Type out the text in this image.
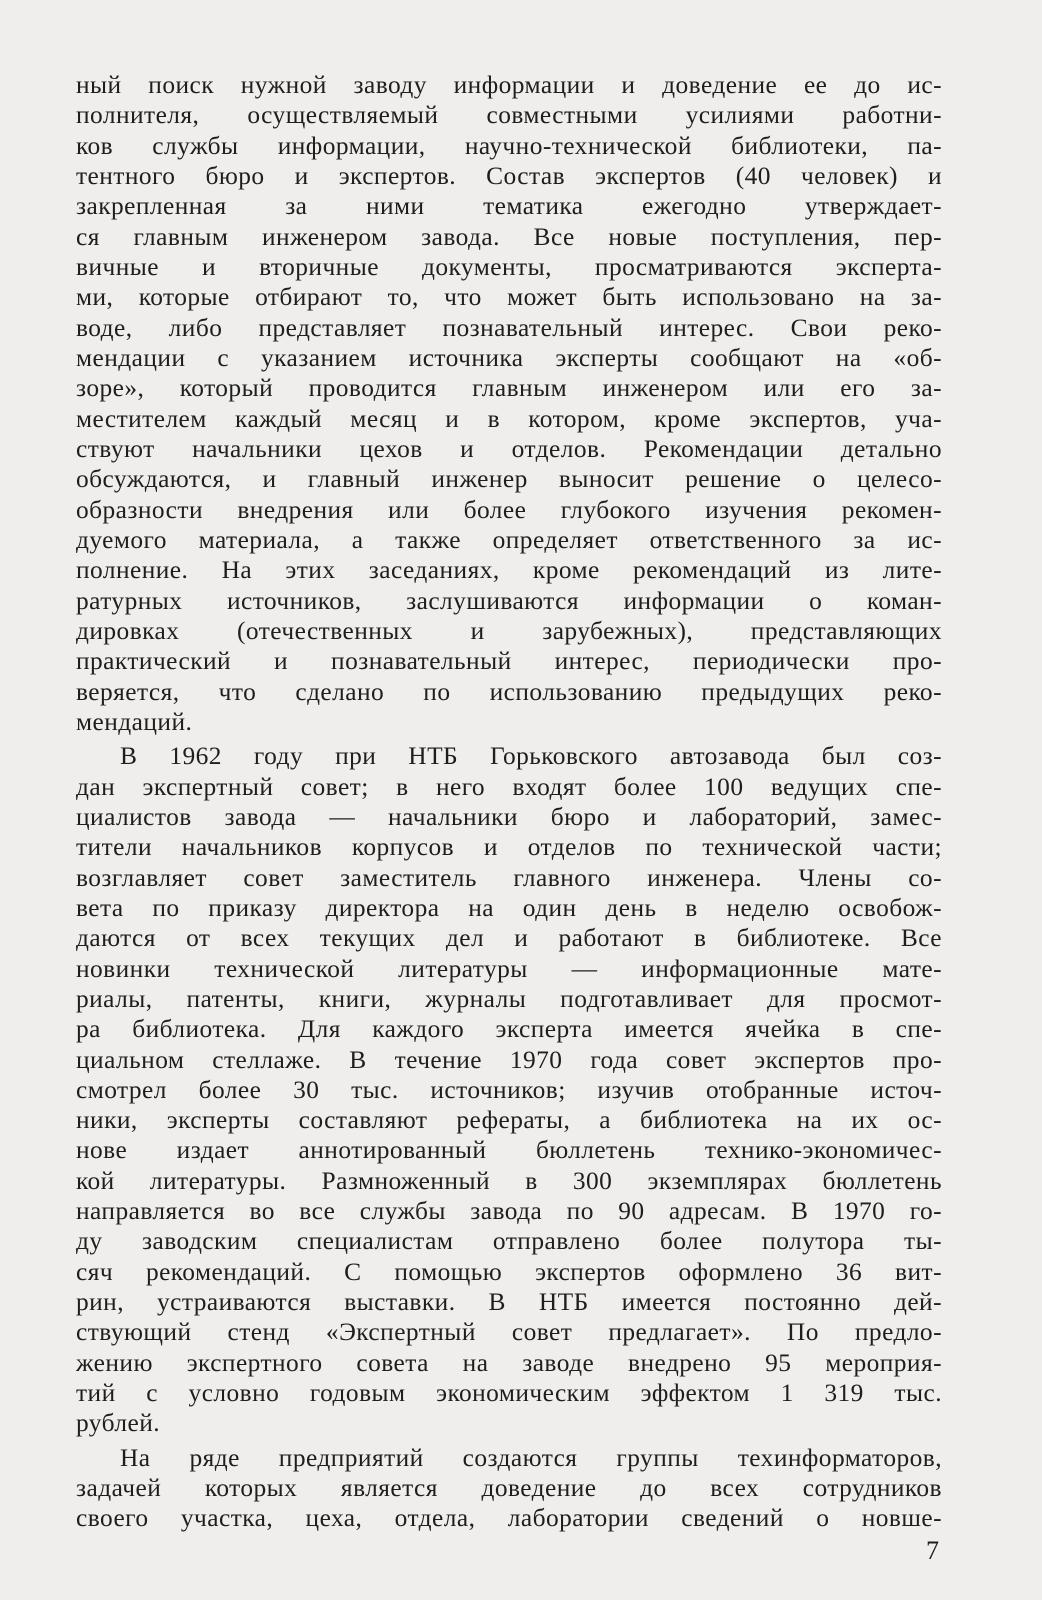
ный поиск нужной заводу информации и доведение ее до ис-
полнителя, осуществляемый совместными усилиями работни-
ков службы информации, научно-технической библиотеки, па-
тентного бюро и экспертов. Состав экспертов (40 человек) и
закрепленная за ними тематика ежегодно утверждает-
ся главным инженером завода. Все новые поступления, пер-
вичные и вторичные документы, просматриваются эксперта-
ми, которые отбирают то, что может быть использовано на за-
воде, либо представляет познавательный интерес. Свои реко-
мендации с указанием источника эксперты сообщают на «об-
зоре», который проводится главным инженером или его за-
местителем каждый месяц и в котором, кроме экспертов, уча-
ствуют начальники цехов и отделов. Рекомендации детально
обсуждаются, и главный инженер выносит решение о целесо-
образности внедрения или более глубокого изучения рекомен-
дуемого материала, а также определяет ответственного за ис-
полнение. На этих заседаниях, кроме рекомендаций из лите-
ратурных источников, заслушиваются информации о коман-
дировках (отечественных и зарубежных), представляющих
практический и познавательный интерес, периодически про-
веряется, что сделано по использованию предыдущих реко-
мендаций.
В 1962 году при НТБ Горьковского автозавода был соз-
дан экспертный совет; в него входят более 100 ведущих спе-
циалистов завода — начальники бюро и лабораторий, замес-
тители начальников корпусов и отделов по технической части;
возглавляет совет заместитель главного инженера. Члены со-
вета по приказу директора на один день в неделю освобож-
даются от всех текущих дел и работают в библиотеке. Все
новинки технической литературы — информационные мате-
риалы, патенты, книги, журналы подготавливает для просмот-
ра библиотека. Для каждого эксперта имеется ячейка в спе-
циальном стеллаже. В течение 1970 года совет экспертов про-
смотрел более 30 тыс. источников; изучив отобранные источ-
ники, эксперты составляют рефераты, а библиотека на их ос-
нове издает аннотированный бюллетень технико-экономичес-
кой литературы. Размноженный в 300 экземплярах бюллетень
направляется во все службы завода по 90 адресам. В 1970 го-
ду заводским специалистам отправлено более полутора ты-
сяч рекомендаций. С помощью экспертов оформлено 36 вит-
рин, устраиваются выставки. В НТБ имеется постоянно дей-
ствующий стенд «Экспертный совет предлагает». По предло-
жению экспертного совета на заводе внедрено 95 мероприя-
тий с условно годовым экономическим эффектом 1 319 тыс.
рублей.
На ряде предприятий создаются группы техинформаторов,
задачей которых является доведение до всех сотрудников
своего участка, цеха, отдела, лаборатории сведений о новше-
7
